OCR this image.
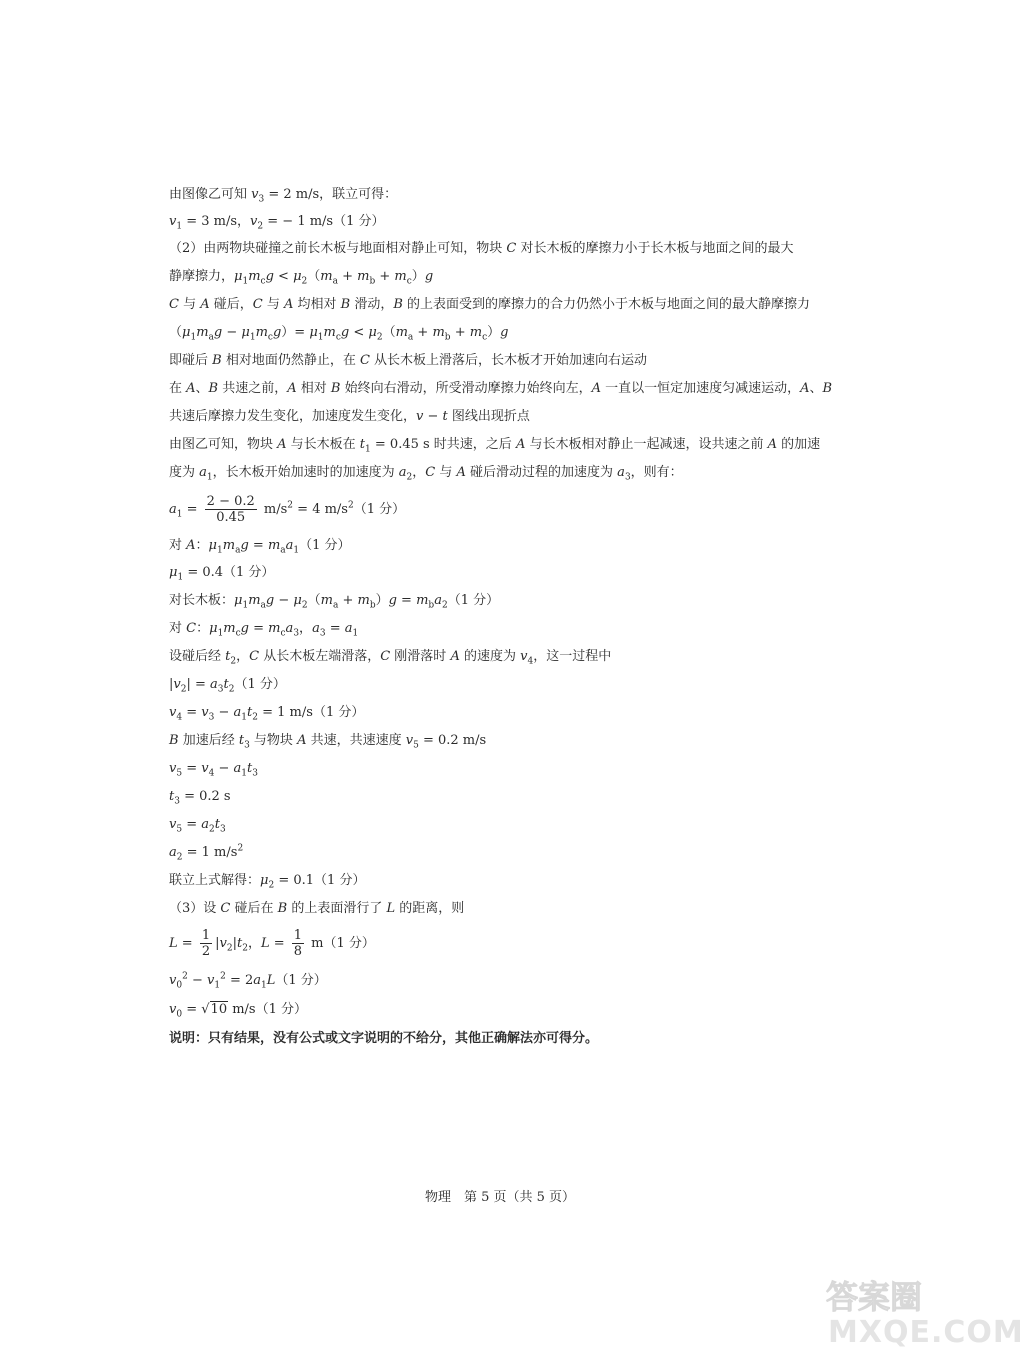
由图像乙可知 $v_3 = 2$ m/s，联立可得：
$v_1 = 3$ m/s，$v_2$ = − 1 m/s（1 分）
（2）由两物块碰撞之前长木板与地面相对静止可知，物块 C 对长木板的摩擦力小于长木板与地面之间的最大
静摩擦力，$\mu_1m_cg < \mu_2(m_a + m_b + m_c)g$
C 与 A 碰后，C 与 A 均相对 B 滑动，B 的上表面受到的摩擦力的合力仍然小于木板与地面之间的最大静摩擦力
$(\mu_1m_ag - \mu_1m_cg)= \mu_1m_cg < \mu_2(m_a + m_b + m_c)g$
即碰后 B 相对地面仍然静止，在 C 从长木板上滑落后，长木板才开始加速向右运动
在 A、B 共速之前，A 相对 B 始终向右滑动，所受滑动摩擦力始终向左，A 一直以一恒定加速度匀减速运动，A、B
共速后摩擦力发生变化，加速度发生变化，v − t 图线出现折点
由图乙可知，物块 A 与长木板在 $t_1 = 0.45$ s 时共速，之后 A 与长木板相对静止一起减速，设共速之前 A 的加速
度为 $a_1$，长木板开始加速时的加速度为 $a_2$，C 与 A 碰后滑动过程的加速度为 $a_3$，则有：
$a_1 = \frac{2 - 0.2}{0.45} m/s^2 = 4$ $m/s^2(1$ 分）
对 A：$\mu_1m_ag = m_aa_1(1$ 分）
$\mu_1 = 0.4(1$ 分）
对长木板：$\mu_1m_ag - \mu_2(m_a + m_b)g = m_ba_2(1$ 分）
对 C：$\mu_1m_cg = m_ca_3$，$a_3 = a_1$
设碰后经 $t_2$，C 从长木板左端滑落，C 刚滑落时 A 的速度为 $v_4$，这一过程中
$|v_2| = a_3t_2(1$ 分）
$v_4 = v_3 - a_1t_2 = 1$ m/s（1 分）
B 加速后经 $t_3$ 与物块 A 共速，共速速度 $v_5 = 0.2$ m/s
$v_5 = v_4 - a_1t_3$
$t_3 = 0.2$ s
$v_5 = a_2t_3$
$a_2 = 1$ $m/s^2$
联立上式解得：$\mu_2 = 0.1(1$ 分）
（3）设 C 碰后在 B 的上表面滑行了 L 的距离，则
$L = \frac{1}{2} |v_2|t_2$，$L = \frac{1}{8} m(1$ 分）
$v_0^2 - v_1^2 = 2a_1L(1$ 分）
$v_0 = √10$ m/s（1 分）
说明：只有结果，没有公式或文字说明的不给分，其他正确解法亦可得分。
物理　第 5 页（共 5 页）
答案圈
MXQE.COM
